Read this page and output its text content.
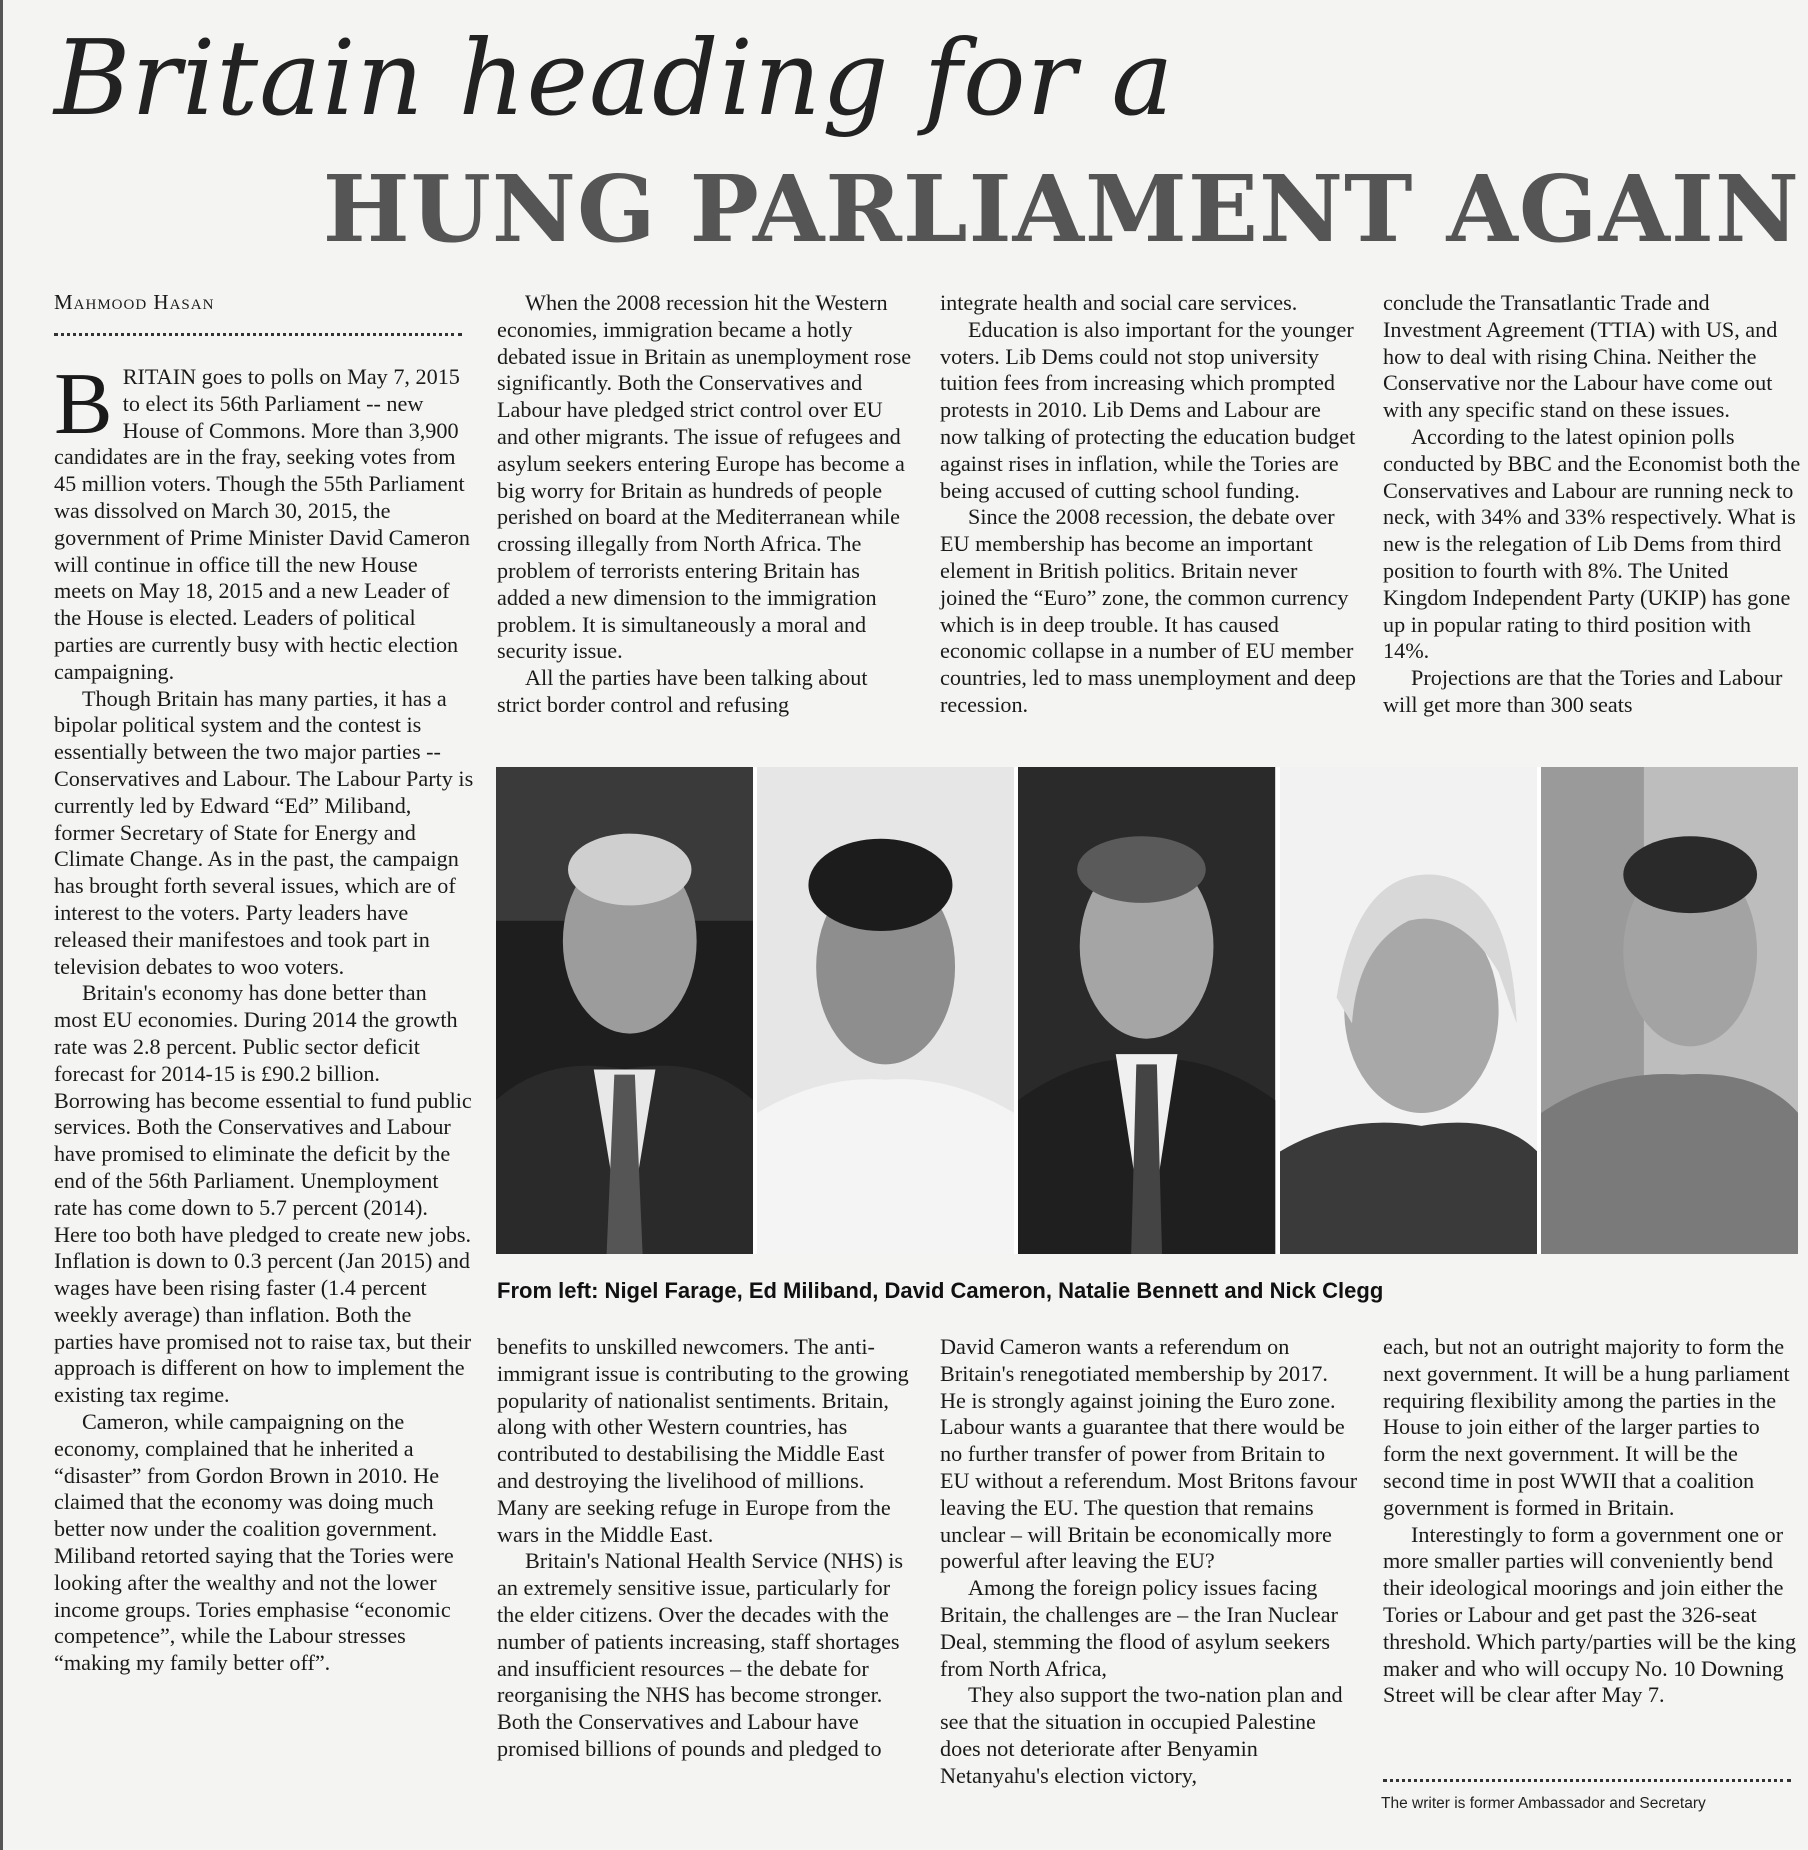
Britain heading for a
HUNG PARLIAMENT AGAIN
Mahmood Hasan

BRITAIN goes to polls on May 7, 2015 to elect its 56th Parliament -- new House of Commons. More than 3,900 candidates are in the fray, seeking votes from 45 million voters. Though the 55th Parliament was dissolved on March 30, 2015, the government of Prime Minister David Cameron will continue in office till the new House meets on May 18, 2015 and a new Leader of the House is elected. Leaders of political parties are currently busy with hectic election campaigning.

Though Britain has many parties, it has a bipolar political system and the contest is essentially between the two major parties -- Conservatives and Labour. The Labour Party is currently led by Edward “Ed” Miliband, former Secretary of State for Energy and Climate Change. As in the past, the campaign has brought forth several issues, which are of interest to the voters. Party leaders have released their manifestoes and took part in television debates to woo voters.

Britain's economy has done better than most EU economies. During 2014 the growth rate was 2.8 percent. Public sector deficit forecast for 2014-15 is £90.2 billion. Borrowing has become essential to fund public services. Both the Conservatives and Labour have promised to eliminate the deficit by the end of the 56th Parliament. Unemployment rate has come down to 5.7 percent (2014). Here too both have pledged to create new jobs. Inflation is down to 0.3 percent (Jan 2015) and wages have been rising faster (1.4 percent weekly average) than inflation. Both the parties have promised not to raise tax, but their approach is different on how to implement the existing tax regime.

Cameron, while campaigning on the economy, complained that he inherited a “disaster” from Gordon Brown in 2010. He claimed that the economy was doing much better now under the coalition government. Miliband retorted saying that the Tories were looking after the wealthy and not the lower income groups. Tories emphasise “economic competence”, while the Labour stresses “making my family better off”.

When the 2008 recession hit the Western economies, immigration became a hotly debated issue in Britain as unemployment rose significantly. Both the Conservatives and Labour have pledged strict control over EU and other migrants. The issue of refugees and asylum seekers entering Europe has become a big worry for Britain as hundreds of people perished on board at the Mediterranean while crossing illegally from North Africa. The problem of terrorists entering Britain has added a new dimension to the immigration problem. It is simultaneously a moral and security issue.

All the parties have been talking about strict border control and refusing

integrate health and social care services.

Education is also important for the younger voters. Lib Dems could not stop university tuition fees from increasing which prompted protests in 2010. Lib Dems and Labour are now talking of protecting the education budget against rises in inflation, while the Tories are being accused of cutting school funding.

Since the 2008 recession, the debate over EU membership has become an important element in British politics. Britain never joined the “Euro” zone, the common currency which is in deep trouble. It has caused economic collapse in a number of EU member countries, led to mass unemployment and deep recession.

conclude the Transatlantic Trade and Investment Agreement (TTIA) with US, and how to deal with rising China. Neither the Conservative nor the Labour have come out with any specific stand on these issues.

According to the latest opinion polls conducted by BBC and the Economist both the Conservatives and Labour are running neck to neck, with 34% and 33% respectively. What is new is the relegation of Lib Dems from third position to fourth with 8%. The United Kingdom Independent Party (UKIP) has gone up in popular rating to third position with 14%.

Projections are that the Tories and Labour will get more than 300 seats

From left: Nigel Farage, Ed Miliband, David Cameron, Natalie Bennett and Nick Clegg

benefits to unskilled newcomers. The anti-immigrant issue is contributing to the growing popularity of nationalist sentiments. Britain, along with other Western countries, has contributed to destabilising the Middle East and destroying the livelihood of millions. Many are seeking refuge in Europe from the wars in the Middle East.

Britain's National Health Service (NHS) is an extremely sensitive issue, particularly for the elder citizens. Over the decades with the number of patients increasing, staff shortages and insufficient resources – the debate for reorganising the NHS has become stronger. Both the Conservatives and Labour have promised billions of pounds and pledged to

David Cameron wants a referendum on Britain's renegotiated membership by 2017. He is strongly against joining the Euro zone. Labour wants a guarantee that there would be no further transfer of power from Britain to EU without a referendum. Most Britons favour leaving the EU. The question that remains unclear – will Britain be economically more powerful after leaving the EU?

Among the foreign policy issues facing Britain, the challenges are – the Iran Nuclear Deal, stemming the flood of asylum seekers from North Africa,

They also support the two-nation plan and see that the situation in occupied Palestine does not deteriorate after Benyamin Netanyahu's election victory,

each, but not an outright majority to form the next government. It will be a hung parliament requiring flexibility among the parties in the House to join either of the larger parties to form the next government. It will be the second time in post WWII that a coalition government is formed in Britain.

Interestingly to form a government one or more smaller parties will conveniently bend their ideological moorings and join either the Tories or Labour and get past the 326-seat threshold. Which party/parties will be the king maker and who will occupy No. 10 Downing Street will be clear after May 7.

The writer is former Ambassador and Secretary
